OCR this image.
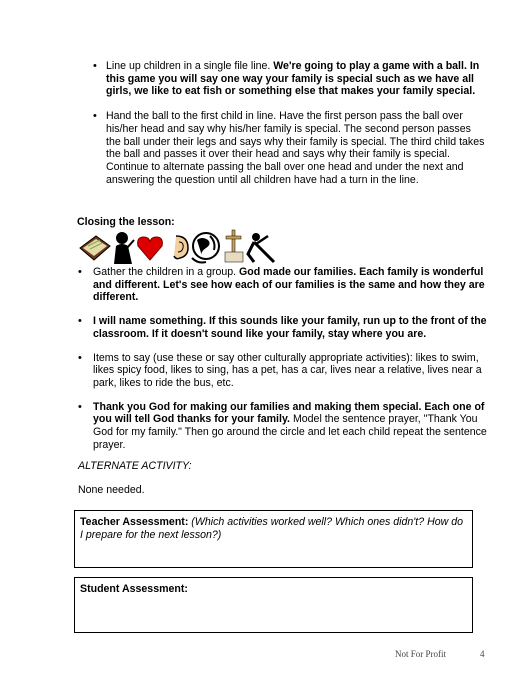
• Line up children in a single file line. We're going to play a game with a ball. In this game you will say one way your family is special such as we have all girls, we like to eat fish or something else that makes your family special.
• Hand the ball to the first child in line. Have the first person pass the ball over his/her head and say why his/her family is special. The second person passes the ball under their legs and says why their family is special. The third child takes the ball and passes it over their head and says why their family is special. Continue to alternate passing the ball over one head and under the next and answering the question until all children have had a turn in the line.
Closing the lesson:
• Gather the children in a group. God made our families. Each family is wonderful and different. Let's see how each of our families is the same and how they are different.
• I will name something. If this sounds like your family, run up to the front of the classroom. If it doesn't sound like your family, stay where you are.
• Items to say (use these or say other culturally appropriate activities): likes to swim, likes spicy food, likes to sing, has a pet, has a car, lives near a relative, lives near a park, likes to ride the bus, etc.
• Thank you God for making our families and making them special. Each one of you will tell God thanks for your family. Model the sentence prayer, "Thank You God for my family." Then go around the circle and let each child repeat the sentence prayer.
ALTERNATE ACTIVITY:
None needed.
Teacher Assessment: (Which activities worked well? Which ones didn't? How do I prepare for the next lesson?)
Student Assessment:
Not For Profit	4
